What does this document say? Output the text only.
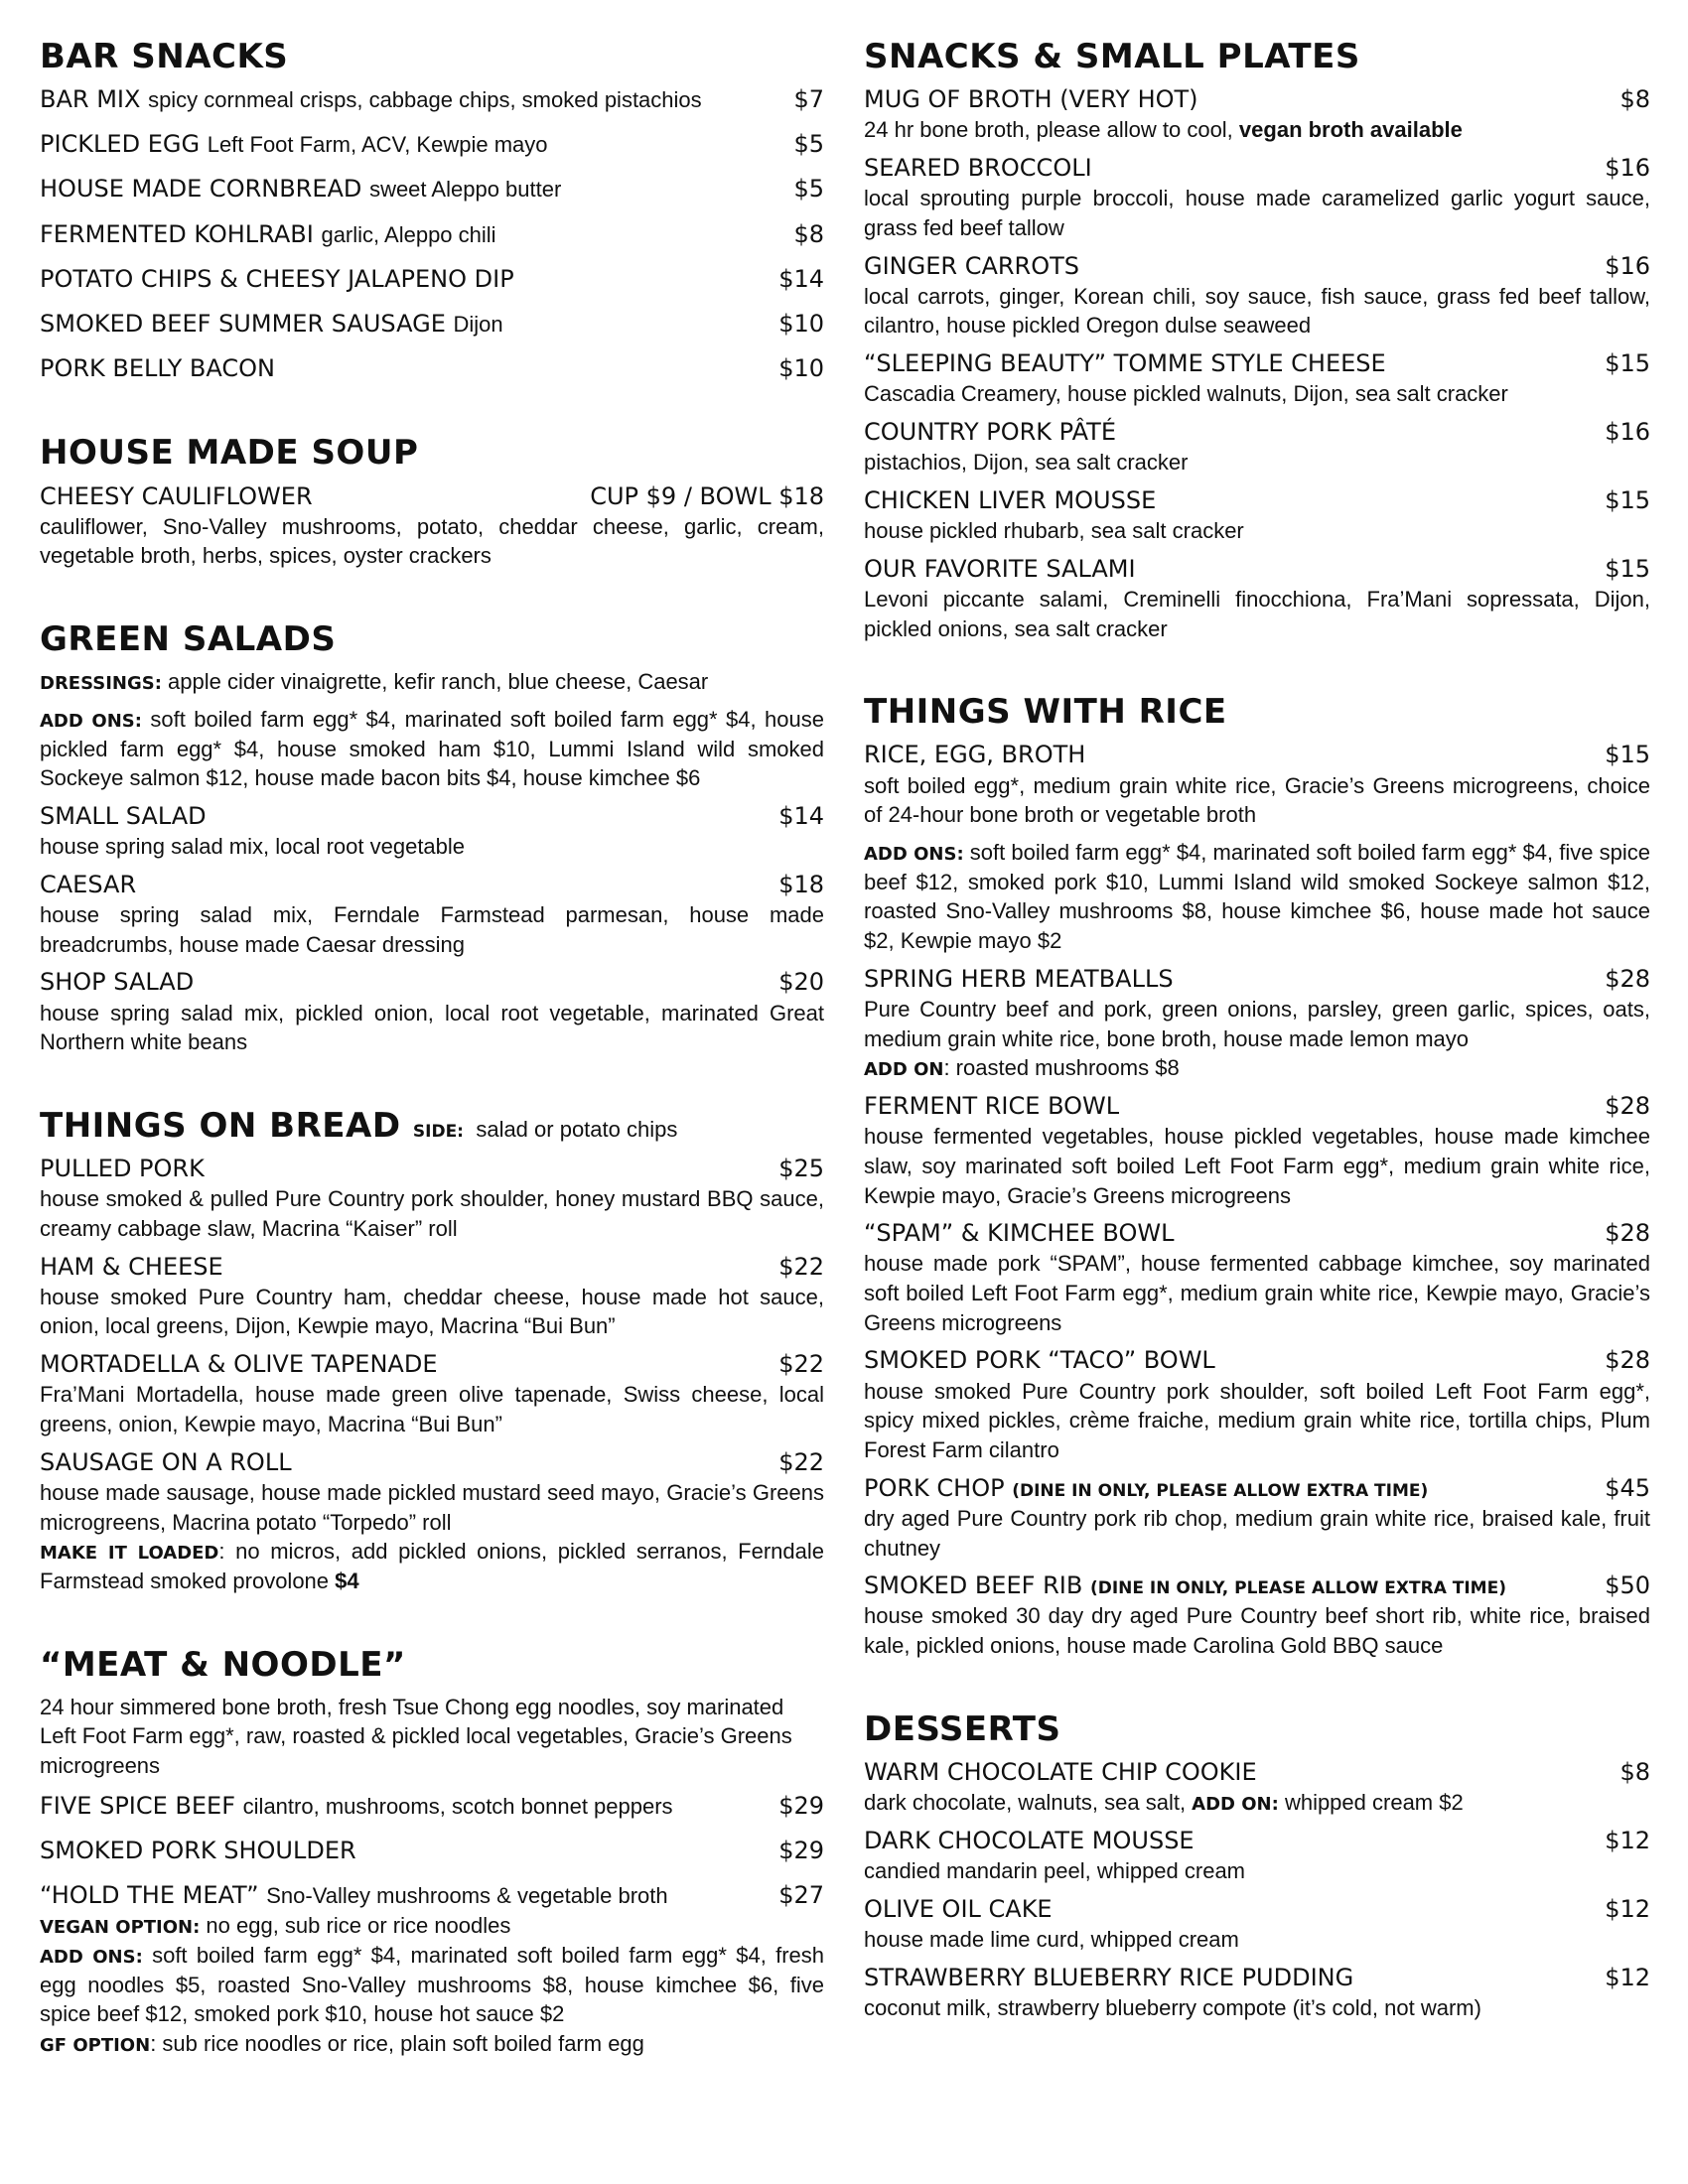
BAR SNACKS
BAR MIX spicy cornmeal crisps, cabbage chips, smoked pistachios	$7
PICKLED EGG Left Foot Farm, ACV, Kewpie mayo	$5
HOUSE MADE CORNBREAD sweet Aleppo butter	$5
FERMENTED KOHLRABI garlic, Aleppo chili	$8
POTATO CHIPS & CHEESY JALAPENO DIP	$14
SMOKED BEEF SUMMER SAUSAGE Dijon	$10
PORK BELLY BACON	$10
HOUSE MADE SOUP
CHEESY CAULIFLOWER	CUP $9 / BOWL $18
cauliflower, Sno-Valley mushrooms, potato, cheddar cheese, garlic, cream, vegetable broth, herbs, spices, oyster crackers
GREEN SALADS
DRESSINGS: apple cider vinaigrette, kefir ranch, blue cheese, Caesar
ADD ONS: soft boiled farm egg* $4, marinated soft boiled farm egg* $4, house pickled farm egg* $4, house smoked ham $10, Lummi Island wild smoked Sockeye salmon $12, house made bacon bits $4, house kimchee $6
SMALL SALAD	$14
house spring salad mix, local root vegetable
CAESAR	$18
house spring salad mix, Ferndale Farmstead parmesan, house made breadcrumbs, house made Caesar dressing
SHOP SALAD	$20
house spring salad mix, pickled onion, local root vegetable, marinated Great Northern white beans
THINGS ON BREAD SIDE: salad or potato chips
PULLED PORK	$25
house smoked & pulled Pure Country pork shoulder, honey mustard BBQ sauce, creamy cabbage slaw, Macrina “Kaiser” roll
HAM & CHEESE	$22
house smoked Pure Country ham, cheddar cheese, house made hot sauce, onion, local greens, Dijon, Kewpie mayo, Macrina “Bui Bun”
MORTADELLA & OLIVE TAPENADE	$22
Fra’Mani Mortadella, house made green olive tapenade, Swiss cheese, local greens, onion, Kewpie mayo, Macrina “Bui Bun”
SAUSAGE ON A ROLL	$22
house made sausage, house made pickled mustard seed mayo, Gracie’s Greens microgreens, Macrina potato “Torpedo” roll
MAKE IT LOADED: no micros, add pickled onions, pickled serranos, Ferndale Farmstead smoked provolone $4
“MEAT & NOODLE”
24 hour simmered bone broth, fresh Tsue Chong egg noodles, soy marinated Left Foot Farm egg*, raw, roasted & pickled local vegetables, Gracie’s Greens microgreens
FIVE SPICE BEEF cilantro, mushrooms, scotch bonnet peppers	$29
SMOKED PORK SHOULDER	$29
“HOLD THE MEAT” Sno-Valley mushrooms & vegetable broth	$27
VEGAN OPTION: no egg, sub rice or rice noodles
ADD ONS: soft boiled farm egg* $4, marinated soft boiled farm egg* $4, fresh egg noodles $5, roasted Sno-Valley mushrooms $8, house kimchee $6, five spice beef $12, smoked pork $10, house hot sauce $2
GF OPTION: sub rice noodles or rice, plain soft boiled farm egg
SNACKS & SMALL PLATES
MUG OF BROTH (VERY HOT)	$8
24 hr bone broth, please allow to cool, vegan broth available
SEARED BROCCOLI	$16
local sprouting purple broccoli, house made caramelized garlic yogurt sauce, grass fed beef tallow
GINGER CARROTS	$16
local carrots, ginger, Korean chili, soy sauce, fish sauce, grass fed beef tallow, cilantro, house pickled Oregon dulse seaweed
“SLEEPING BEAUTY” TOMME STYLE CHEESE	$15
Cascadia Creamery, house pickled walnuts, Dijon, sea salt cracker
COUNTRY PORK PÂTÉ	$16
pistachios, Dijon, sea salt cracker
CHICKEN LIVER MOUSSE	$15
house pickled rhubarb, sea salt cracker
OUR FAVORITE SALAMI	$15
Levoni piccante salami, Creminelli finocchiona, Fra’Mani sopressata, Dijon, pickled onions, sea salt cracker
THINGS WITH RICE
RICE, EGG, BROTH	$15
soft boiled egg*, medium grain white rice, Gracie’s Greens microgreens, choice of 24-hour bone broth or vegetable broth
ADD ONS: soft boiled farm egg* $4, marinated soft boiled farm egg* $4, five spice beef $12, smoked pork $10, Lummi Island wild smoked Sockeye salmon $12, roasted Sno-Valley mushrooms $8, house kimchee $6, house made hot sauce $2, Kewpie mayo $2
SPRING HERB MEATBALLS	$28
Pure Country beef and pork, green onions, parsley, green garlic, spices, oats, medium grain white rice, bone broth, house made lemon mayo
ADD ON: roasted mushrooms $8
FERMENT RICE BOWL	$28
house fermented vegetables, house pickled vegetables, house made kimchee slaw, soy marinated soft boiled Left Foot Farm egg*, medium grain white rice, Kewpie mayo, Gracie’s Greens microgreens
“SPAM” & KIMCHEE BOWL	$28
house made pork “SPAM”, house fermented cabbage kimchee, soy marinated soft boiled Left Foot Farm egg*, medium grain white rice, Kewpie mayo, Gracie’s Greens microgreens
SMOKED PORK “TACO” BOWL	$28
house smoked Pure Country pork shoulder, soft boiled Left Foot Farm egg*, spicy mixed pickles, crème fraiche, medium grain white rice, tortilla chips, Plum Forest Farm cilantro
PORK CHOP (DINE IN ONLY, PLEASE ALLOW EXTRA TIME)	$45
dry aged Pure Country pork rib chop, medium grain white rice, braised kale, fruit chutney
SMOKED BEEF RIB (DINE IN ONLY, PLEASE ALLOW EXTRA TIME)	$50
house smoked 30 day dry aged Pure Country beef short rib, white rice, braised kale, pickled onions, house made Carolina Gold BBQ sauce
DESSERTS
WARM CHOCOLATE CHIP COOKIE	$8
dark chocolate, walnuts, sea salt, ADD ON: whipped cream $2
DARK CHOCOLATE MOUSSE	$12
candied mandarin peel, whipped cream
OLIVE OIL CAKE	$12
house made lime curd, whipped cream
STRAWBERRY BLUEBERRY RICE PUDDING	$12
coconut milk, strawberry blueberry compote (it’s cold, not warm)
